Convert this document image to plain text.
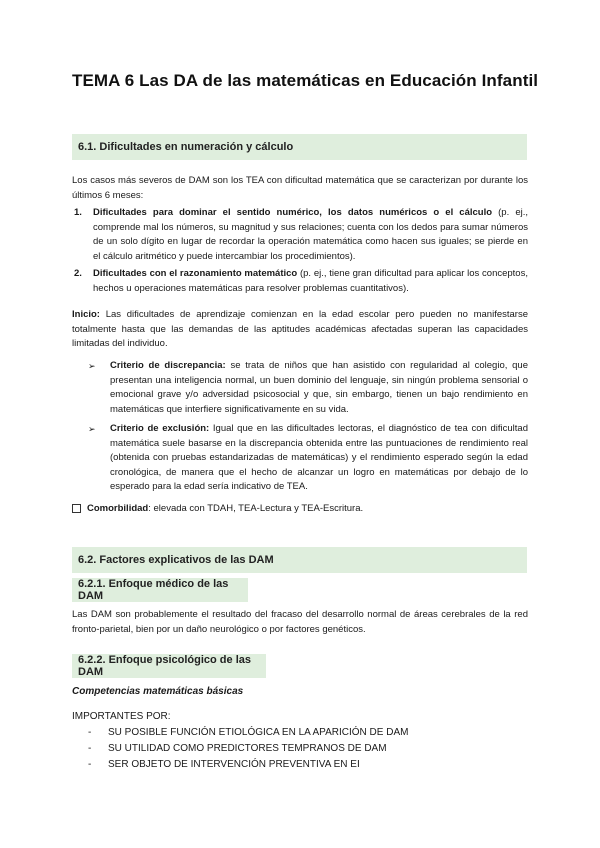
TEMA 6 Las DA de las matemáticas en Educación Infantil
6.1. Dificultades en numeración y cálculo

Los casos más severos de DAM son los TEA con dificultad matemática que se caracterizan por durante los últimos 6 meses:

1. Dificultades para dominar el sentido numérico, los datos numéricos o el cálculo (p. ej., comprende mal los números, su magnitud y sus relaciones; cuenta con los dedos para sumar números de un solo dígito en lugar de recordar la operación matemática como hacen sus iguales; se pierde en el cálculo aritmético y puede intercambiar los procedimientos).
2. Dificultades con el razonamiento matemático (p. ej., tiene gran dificultad para aplicar los conceptos, hechos u operaciones matemáticas para resolver problemas cuantitativos).

Inicio: Las dificultades de aprendizaje comienzan en la edad escolar pero pueden no manifestarse totalmente hasta que las demandas de las aptitudes académicas afectadas superan las capacidades limitadas del individuo.

➢ Criterio de discrepancia: se trata de niños que han asistido con regularidad al colegio, que presentan una inteligencia normal, un buen dominio del lenguaje, sin ningún problema sensorial o emocional grave y/o adversidad psicosocial y que, sin embargo, tienen un bajo rendimiento en matemáticas que interfiere significativamente en su vida.
➢ Criterio de exclusión: Igual que en las dificultades lectoras, el diagnóstico de tea con dificultad matemática suele basarse en la discrepancia obtenida entre las puntuaciones de rendimiento real (obtenida con pruebas estandarizadas de matemáticas) y el rendimiento esperado según la edad cronológica, de manera que el hecho de alcanzar un logro en matemáticas por debajo de lo esperado para la edad sería indicativo de TEA.

Comorbilidad: elevada con TDAH, TEA-Lectura y TEA-Escritura.

6.2. Factores explicativos de las DAM
6.2.1. Enfoque médico de las DAM

Las DAM son probablemente el resultado del fracaso del desarrollo normal de áreas cerebrales de la red fronto-parietal, bien por un daño neurológico o por factores genéticos.

6.2.2. Enfoque psicológico de las DAM
Competencias matemáticas básicas
IMPORTANTES POR:
- SU POSIBLE FUNCIÓN ETIOLÓGICA EN LA APARICIÓN DE DAM
- SU UTILIDAD COMO PREDICTORES TEMPRANOS DE DAM
- SER OBJETO DE INTERVENCIÓN PREVENTIVA EN EI
